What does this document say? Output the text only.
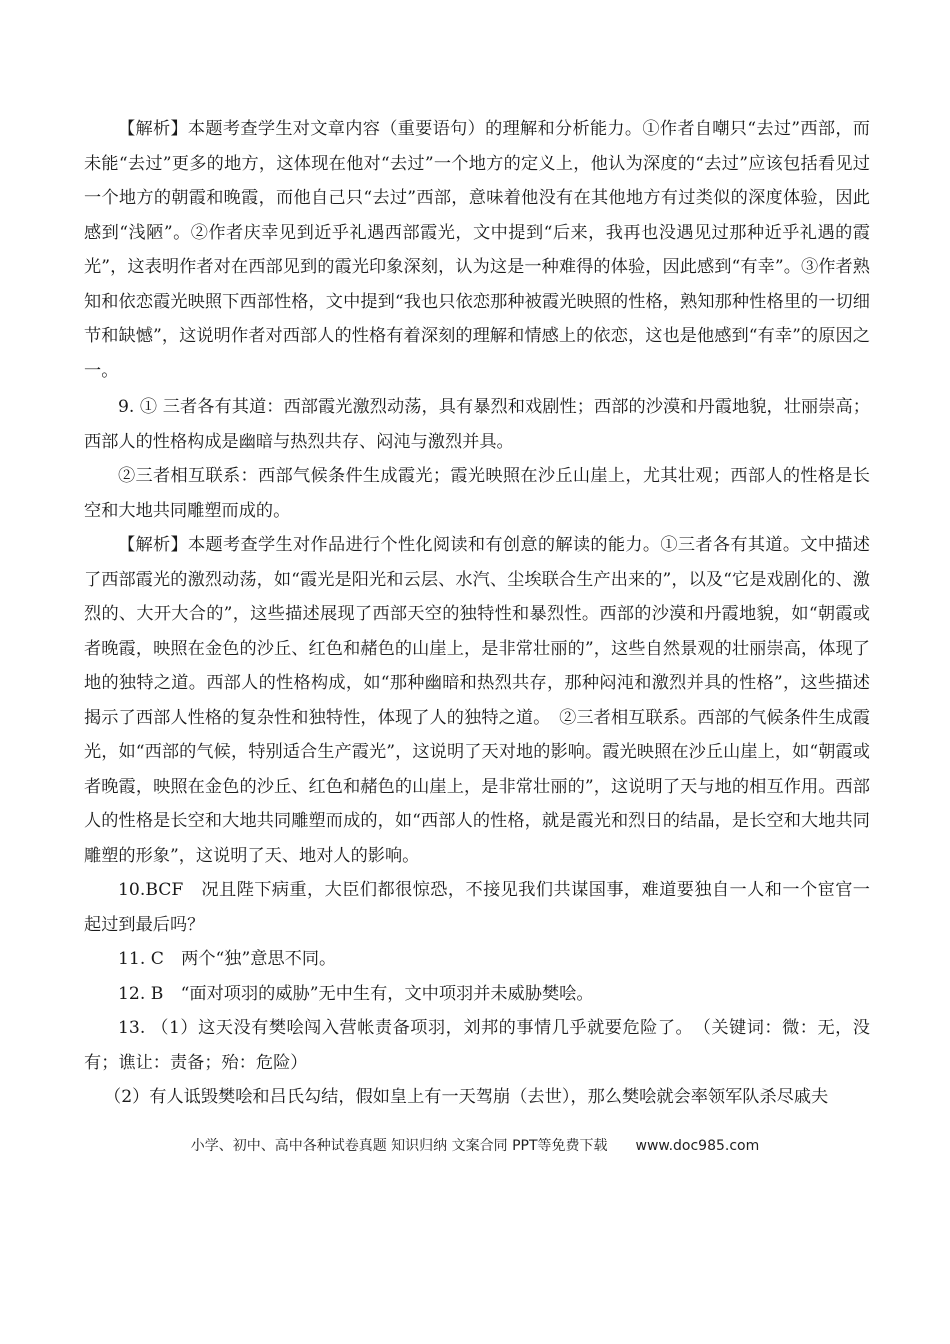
【解析】本题考查学生对文章内容（重要语句）的理解和分析能力。①作者自嘲只“去过”西部，而未能“去过”更多的地方，这体现在他对“去过”一个地方的定义上，他认为深度的“去过”应该包括看见过一个地方的朝霞和晚霞，而他自己只“去过”西部，意味着他没有在其他地方有过类似的深度体验，因此感到“浅陋”。②作者庆幸见到近乎礼遇西部霞光，文中提到“后来，我再也没遇见过那种近乎礼遇的霞光”，这表明作者对在西部见到的霞光印象深刻，认为这是一种难得的体验，因此感到“有幸”。③作者熟知和依恋霞光映照下西部性格，文中提到“我也只依恋那种被霞光映照的性格，熟知那种性格里的一切细节和缺憾”，这说明作者对西部人的性格有着深刻的理解和情感上的依恋，这也是他感到“有幸”的原因之一。

9. ① 三者各有其道：西部霞光激烈动荡，具有暴烈和戏剧性；西部的沙漠和丹霞地貌，壮丽崇高；西部人的性格构成是幽暗与热烈共存、闷沌与激烈并具。

②三者相互联系：西部气候条件生成霞光；霞光映照在沙丘山崖上，尤其壮观；西部人的性格是长空和大地共同雕塑而成的。

【解析】本题考查学生对作品进行个性化阅读和有创意的解读的能力。①三者各有其道。文中描述了西部霞光的激烈动荡，如“霞光是阳光和云层、水汽、尘埃联合生产出来的”，以及“它是戏剧化的、激烈的、大开大合的”，这些描述展现了西部天空的独特性和暴烈性。西部的沙漠和丹霞地貌，如“朝霞或者晚霞，映照在金色的沙丘、红色和赭色的山崖上，是非常壮丽的”，这些自然景观的壮丽崇高，体现了地的独特之道。西部人的性格构成，如“那种幽暗和热烈共存，那种闷沌和激烈并具的性格”，这些描述揭示了西部人性格的复杂性和独特性，体现了人的独特之道。　②三者相互联系。西部的气候条件生成霞光，如“西部的气候，特别适合生产霞光”，这说明了天对地的影响。霞光映照在沙丘山崖上，如“朝霞或者晚霞，映照在金色的沙丘、红色和赭色的山崖上，是非常壮丽的”，这说明了天与地的相互作用。西部人的性格是长空和大地共同雕塑而成的，如“西部人的性格，就是霞光和烈日的结晶，是长空和大地共同雕塑的形象”，这说明了天、地对人的影响。

10.BCF　况且陛下病重，大臣们都很惊恐，不接见我们共谋国事，难道要独自一人和一个宦官一起过到最后吗？

11. C　两个“独”意思不同。

12. B　“面对项羽的威胁”无中生有，文中项羽并未威胁樊哙。

13. （1）这天没有樊哙闯入营帐责备项羽，刘邦的事情几乎就要危险了。　（关键词：微：无，没有；谯让：责备；殆：危险）

（2）有人诋毁樊哙和吕氏勾结，假如皇上有一天驾崩（去世），那么樊哙就会率领军队杀尽戚夫

小学、初中、高中各种试卷真题 知识归纳 文案合同 PPT等免费下载 www.doc985.com
